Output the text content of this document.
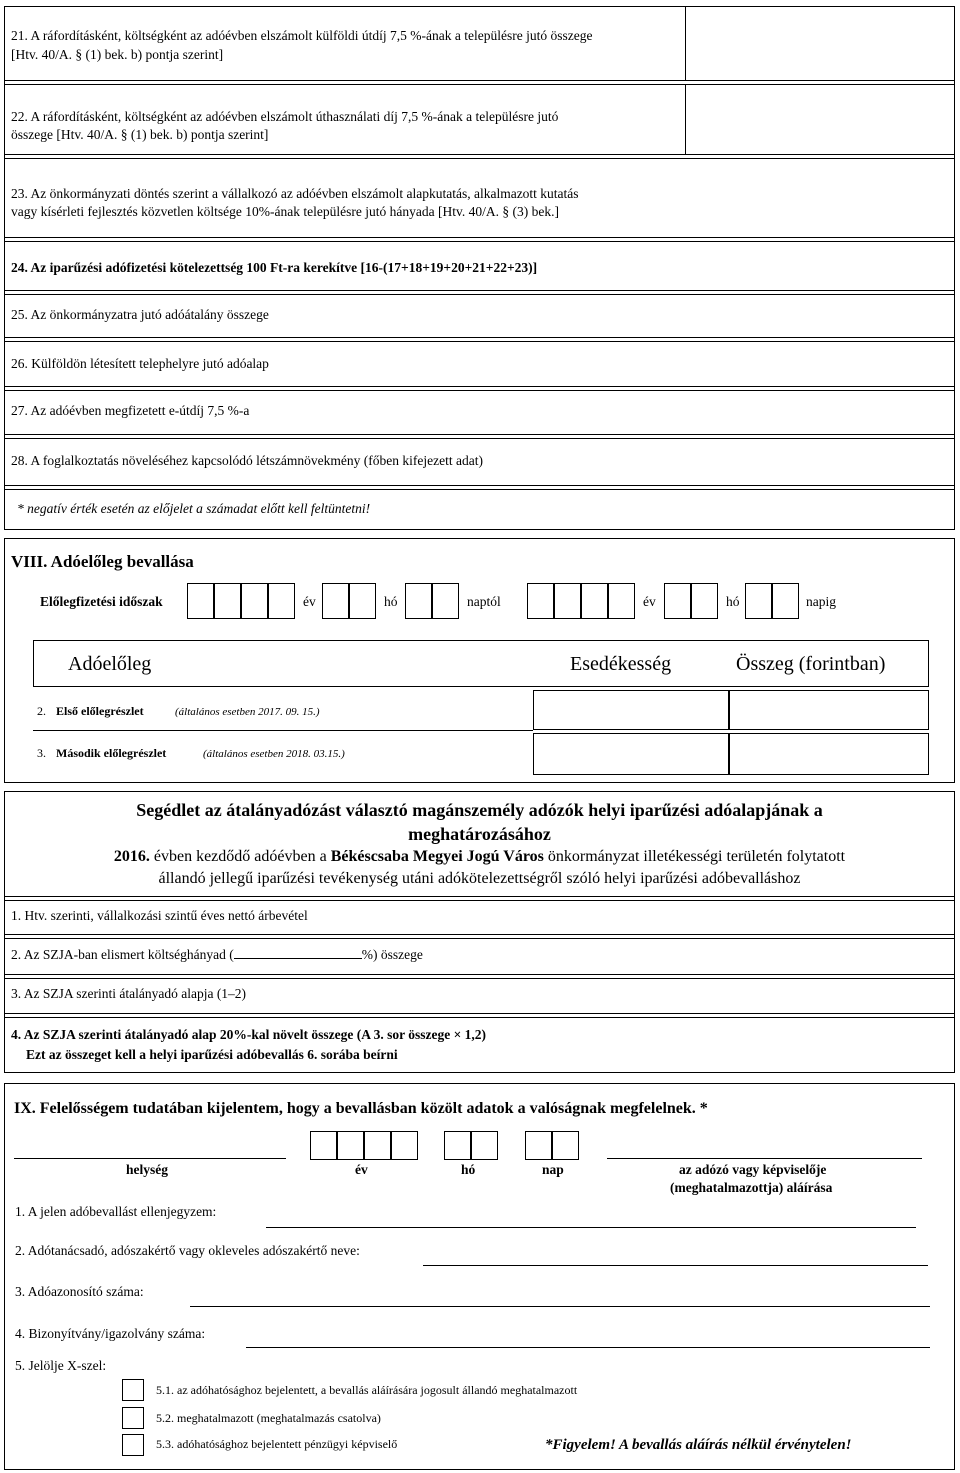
21. A ráfordításként, költségként az adóévben elszámolt külföldi útdíj 7,5 %-ának a településre jutó összege
[Htv. 40/A. § (1) bek. b) pontja szerint]
22. A ráfordításként, költségként az adóévben elszámolt úthasználati díj 7,5 %-ának a településre jutó
összege [Htv. 40/A. § (1) bek. b) pontja szerint]
23. Az önkormányzati döntés szerint a vállalkozó az adóévben elszámolt alapkutatás, alkalmazott kutatás
vagy kísérleti fejlesztés közvetlen költsége 10%-ának településre jutó hányada [Htv. 40/A. § (3) bek.]
24. Az iparűzési adófizetési kötelezettség 100 Ft-ra kerekítve [16-(17+18+19+20+21+22+23)]
25. Az önkormányzatra jutó adóátalány összege
26. Külföldön létesített telephelyre jutó adóalap
27. Az adóévben megfizetett e-útdíj 7,5 %-a
28. A foglalkoztatás növeléséhez kapcsolódó létszámnövekmény (főben kifejezett adat)
* negatív érték esetén az előjelet a számadat előtt kell feltüntetni!
VIII. Adóelőleg bevallása
Előlegfizetési időszak	év	hó	naptól	év	hó	napig
Adóelőleg	Esedékesség	Összeg (forintban)
2. Első előlegrészlet	(általános esetben 2017. 09. 15.)
3. Második előlegrészlet	(általános esetben 2018. 03.15.)
Segédlet az átalányadózást választó magánszemély adózók helyi iparűzési adóalapjának a
meghatározásához
2016. évben kezdődő adóévben a Békéscsaba Megyei Jogú Város önkormányzat illetékességi területén folytatott
állandó jellegű iparűzési tevékenység utáni adókötelezettségről szóló helyi iparűzési adóbevalláshoz
1. Htv. szerinti, vállalkozási szintű éves nettó árbevétel
2. Az SZJA-ban elismert költséghányad (	%) összege
3. Az SZJA szerinti átalányadó alapja (1–2)
4. Az SZJA szerinti átalányadó alap 20%-kal növelt összege (A 3. sor összege × 1,2)
Ezt az összeget kell a helyi iparűzési adóbevallás 6. sorába beírni
IX. Felelősségem tudatában kijelentem, hogy a bevallásban közölt adatok a valóságnak megfelelnek. *
helység	év	hó	nap	az adózó vagy képviselője
(meghatalmazottja) aláírása
1. A jelen adóbevallást ellenjegyzem:
2. Adótanácsadó, adószakértő vagy okleveles adószakértő neve:
3. Adóazonosító száma:
4. Bizonyítvány/igazolvány száma:
5. Jelölje X-szel:
5.1. az adóhatósághoz bejelentett, a bevallás aláírására jogosult állandó meghatalmazott
5.2. meghatalmazott (meghatalmazás csatolva)
5.3. adóhatósághoz bejelentett pénzügyi képviselő	*Figyelem! A bevallás aláírás nélkül érvénytelen!
